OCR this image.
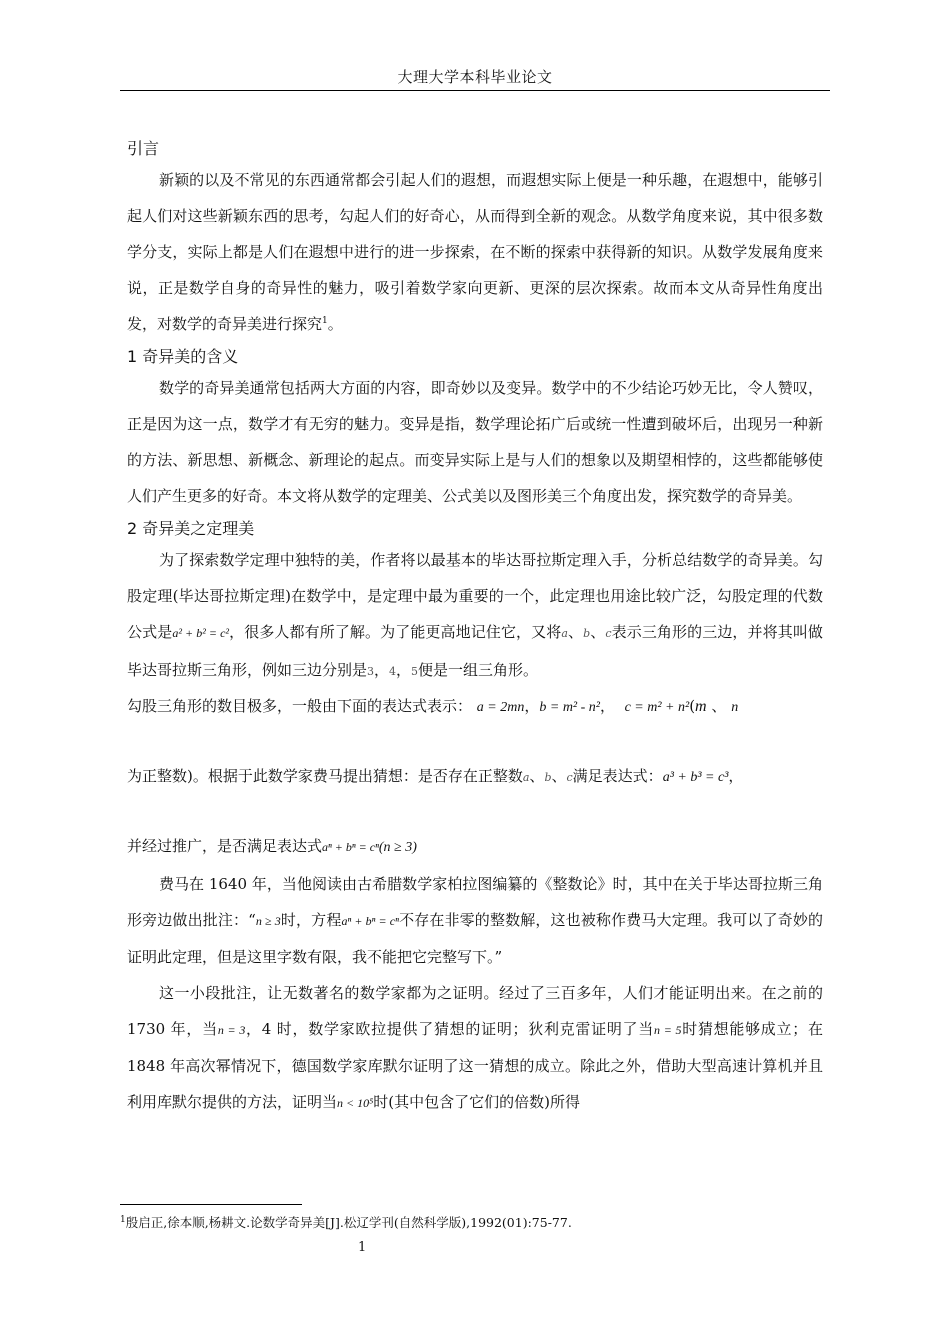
大理大学本科毕业论文

引言

新颖的以及不常见的东西通常都会引起人们的遐想，而遐想实际上便是一种乐趣，在遐想中，能够引起人们对这些新颖东西的思考，勾起人们的好奇心，从而得到全新的观念。从数学角度来说，其中很多数学分支，实际上都是人们在遐想中进行的进一步探索，在不断的探索中获得新的知识。从数学发展角度来说，正是数学自身的奇异性的魅力，吸引着数学家向更新、更深的层次探索。故而本文从奇异性角度出发，对数学的奇异美进行探究$^1$。

1 奇异美的含义

数学的奇异美通常包括两大方面的内容，即奇妙以及变异。数学中的不少结论巧妙无比，令人赞叹，正是因为这一点，数学才有无穷的魅力。变异是指，数学理论拓广后或统一性遭到破坏后，出现另一种新的方法、新思想、新概念、新理论的起点。而变异实际上是与人们的想象以及期望相悖的，这些都能够使人们产生更多的好奇。本文将从数学的定理美、公式美以及图形美三个角度出发，探究数学的奇异美。

2 奇异美之定理美

为了探索数学定理中独特的美，作者将以最基本的毕达哥拉斯定理入手，分析总结数学的奇异美。勾股定理(毕达哥拉斯定理)在数学中，是定理中最为重要的一个，此定理也用途比较广泛，勾股定理的代数公式是a² + b² = c²，很多人都有所了解。为了能更高地记住它，又将a、b、c表示三角形的三边，并将其叫做毕达哥拉斯三角形，例如三边分别是3，4，5便是一组三角形。

勾股三角形的数目极多，一般由下面的表达式表示： a = 2mn，b = m² - n²， c = m² + n²(m 、 n

为正整数)。根据于此数学家费马提出猜想：是否存在正整数a、b、c满足表达式：a³ + b³ = c³，

并经过推广，是否满足表达式aⁿ + bⁿ = cⁿ(n ≥ 3)

费马在 1640 年，当他阅读由古希腊数学家柏拉图编纂的《整数论》时，其中在关于毕达哥拉斯三角形旁边做出批注：“n ≥ 3时，方程aⁿ + bⁿ = cⁿ不存在非零的整数解，这也被称作费马大定理。我可以了奇妙的证明此定理，但是这里字数有限，我不能把它完整写下。”

这一小段批注，让无数著名的数学家都为之证明。经过了三百多年，人们才能证明出来。在之前的 1730 年，当n = 3，4 时，数学家欧拉提供了猜想的证明；狄利克雷证明了当n = 5时猜想能够成立；在 1848 年高次幂情况下，德国数学家库默尔证明了这一猜想的成立。除此之外，借助大型高速计算机并且利用库默尔提供的方法，证明当n < 10⁵时(其中包含了它们的倍数)所得

$^1$殷启正,徐本顺,杨耕文.论数学奇异美[J].松辽学刊(自然科学版),1992(01):75-77.
1
